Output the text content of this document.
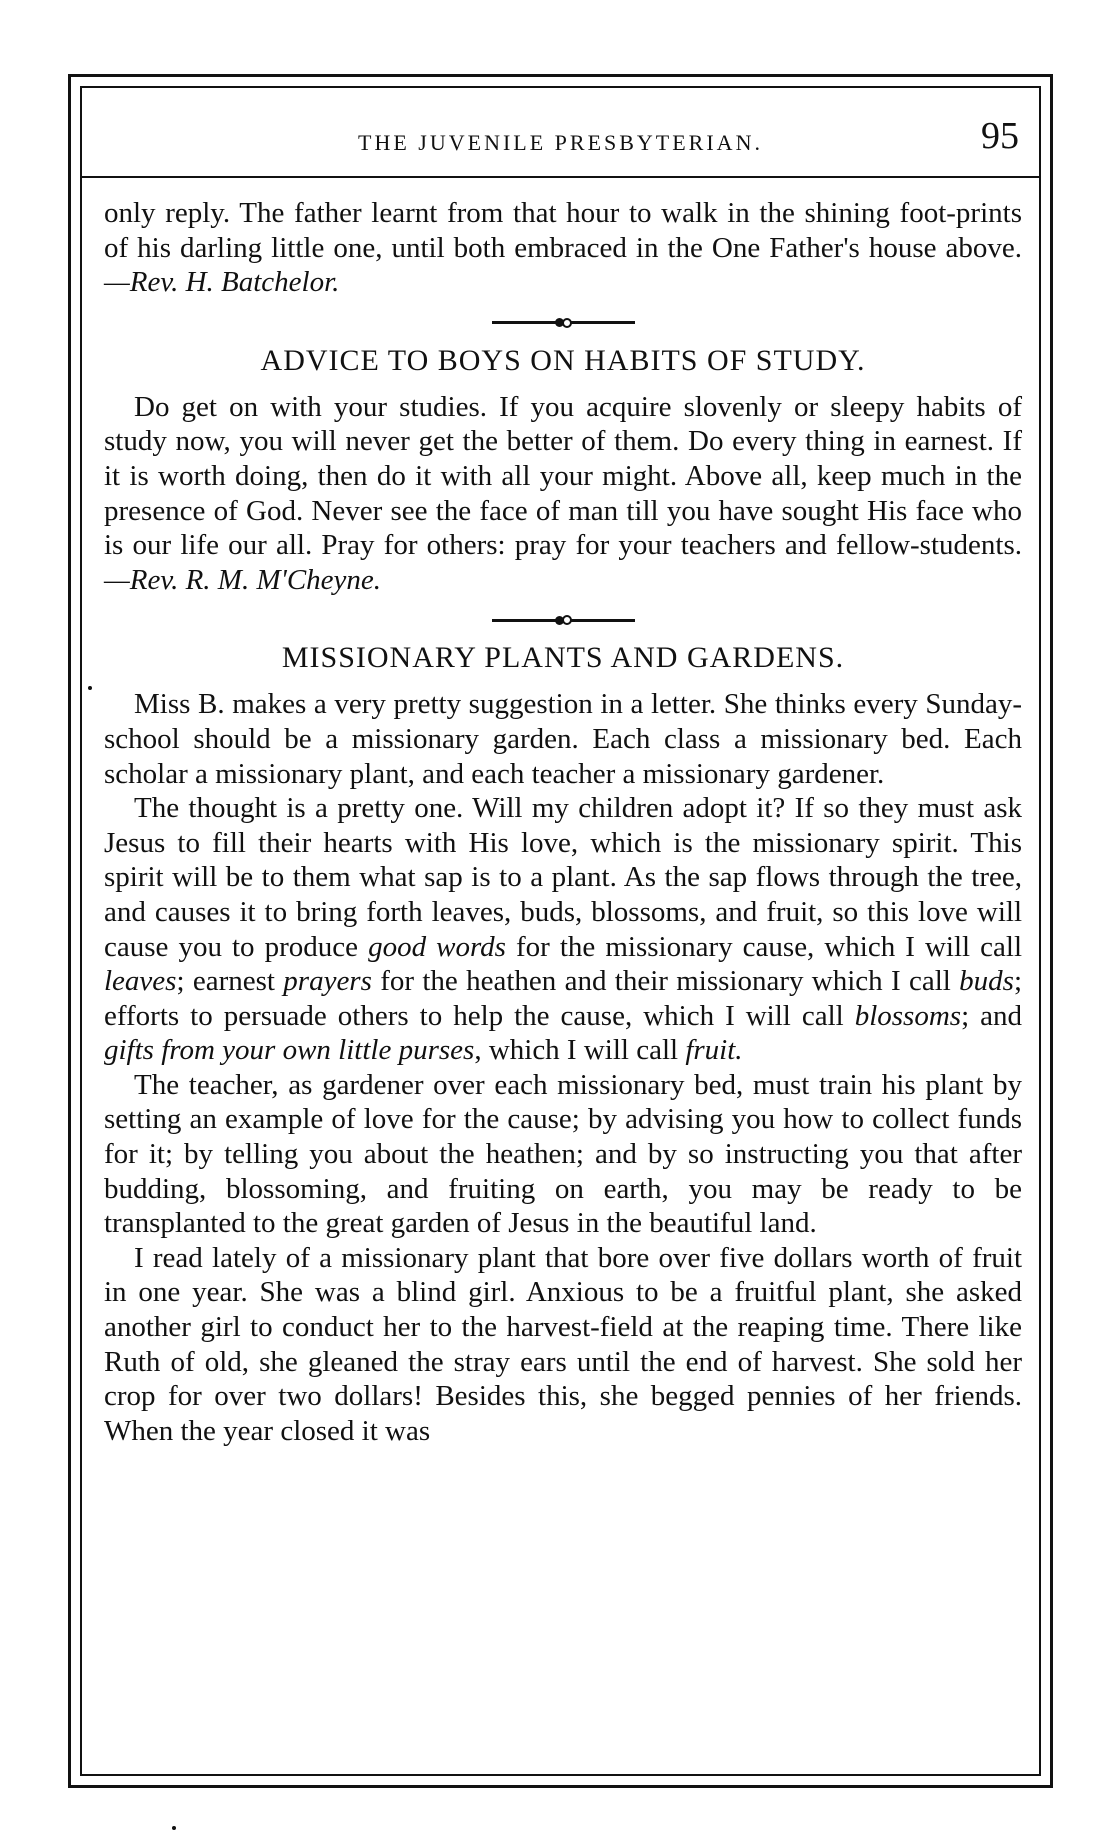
THE JUVENILE PRESBYTERIAN.	95

only reply. The father learnt from that hour to walk in the shining foot-prints of his darling little one, until both embraced in the One Father's house above.—Rev. H. Batchelor.

ADVICE TO BOYS ON HABITS OF STUDY.

Do get on with your studies. If you acquire slovenly or sleepy habits of study now, you will never get the better of them. Do every thing in earnest. If it is worth doing, then do it with all your might. Above all, keep much in the presence of God. Never see the face of man till you have sought His face who is our life our all. Pray for others: pray for your teachers and fellow-students.—Rev. R. M. M'Cheyne.

MISSIONARY PLANTS AND GARDENS.

Miss B. makes a very pretty suggestion in a letter. She thinks every Sunday-school should be a missionary garden. Each class a missionary bed. Each scholar a missionary plant, and each teacher a missionary gardener.

The thought is a pretty one. Will my children adopt it? If so they must ask Jesus to fill their hearts with His love, which is the missionary spirit. This spirit will be to them what sap is to a plant. As the sap flows through the tree, and causes it to bring forth leaves, buds, blossoms, and fruit, so this love will cause you to produce good words for the missionary cause, which I will call leaves; earnest prayers for the heathen and their missionary which I call buds; efforts to persuade others to help the cause, which I will call blossoms; and gifts from your own little purses, which I will call fruit.

The teacher, as gardener over each missionary bed, must train his plant by setting an example of love for the cause; by advising you how to collect funds for it; by telling you about the heathen; and by so instructing you that after budding, blossoming, and fruiting on earth, you may be ready to be transplanted to the great garden of Jesus in the beautiful land.

I read lately of a missionary plant that bore over five dollars worth of fruit in one year. She was a blind girl. Anxious to be a fruitful plant, she asked another girl to conduct her to the harvest-field at the reaping time. There like Ruth of old, she gleaned the stray ears until the end of harvest. She sold her crop for over two dollars! Besides this, she begged pennies of her friends. When the year closed it was
